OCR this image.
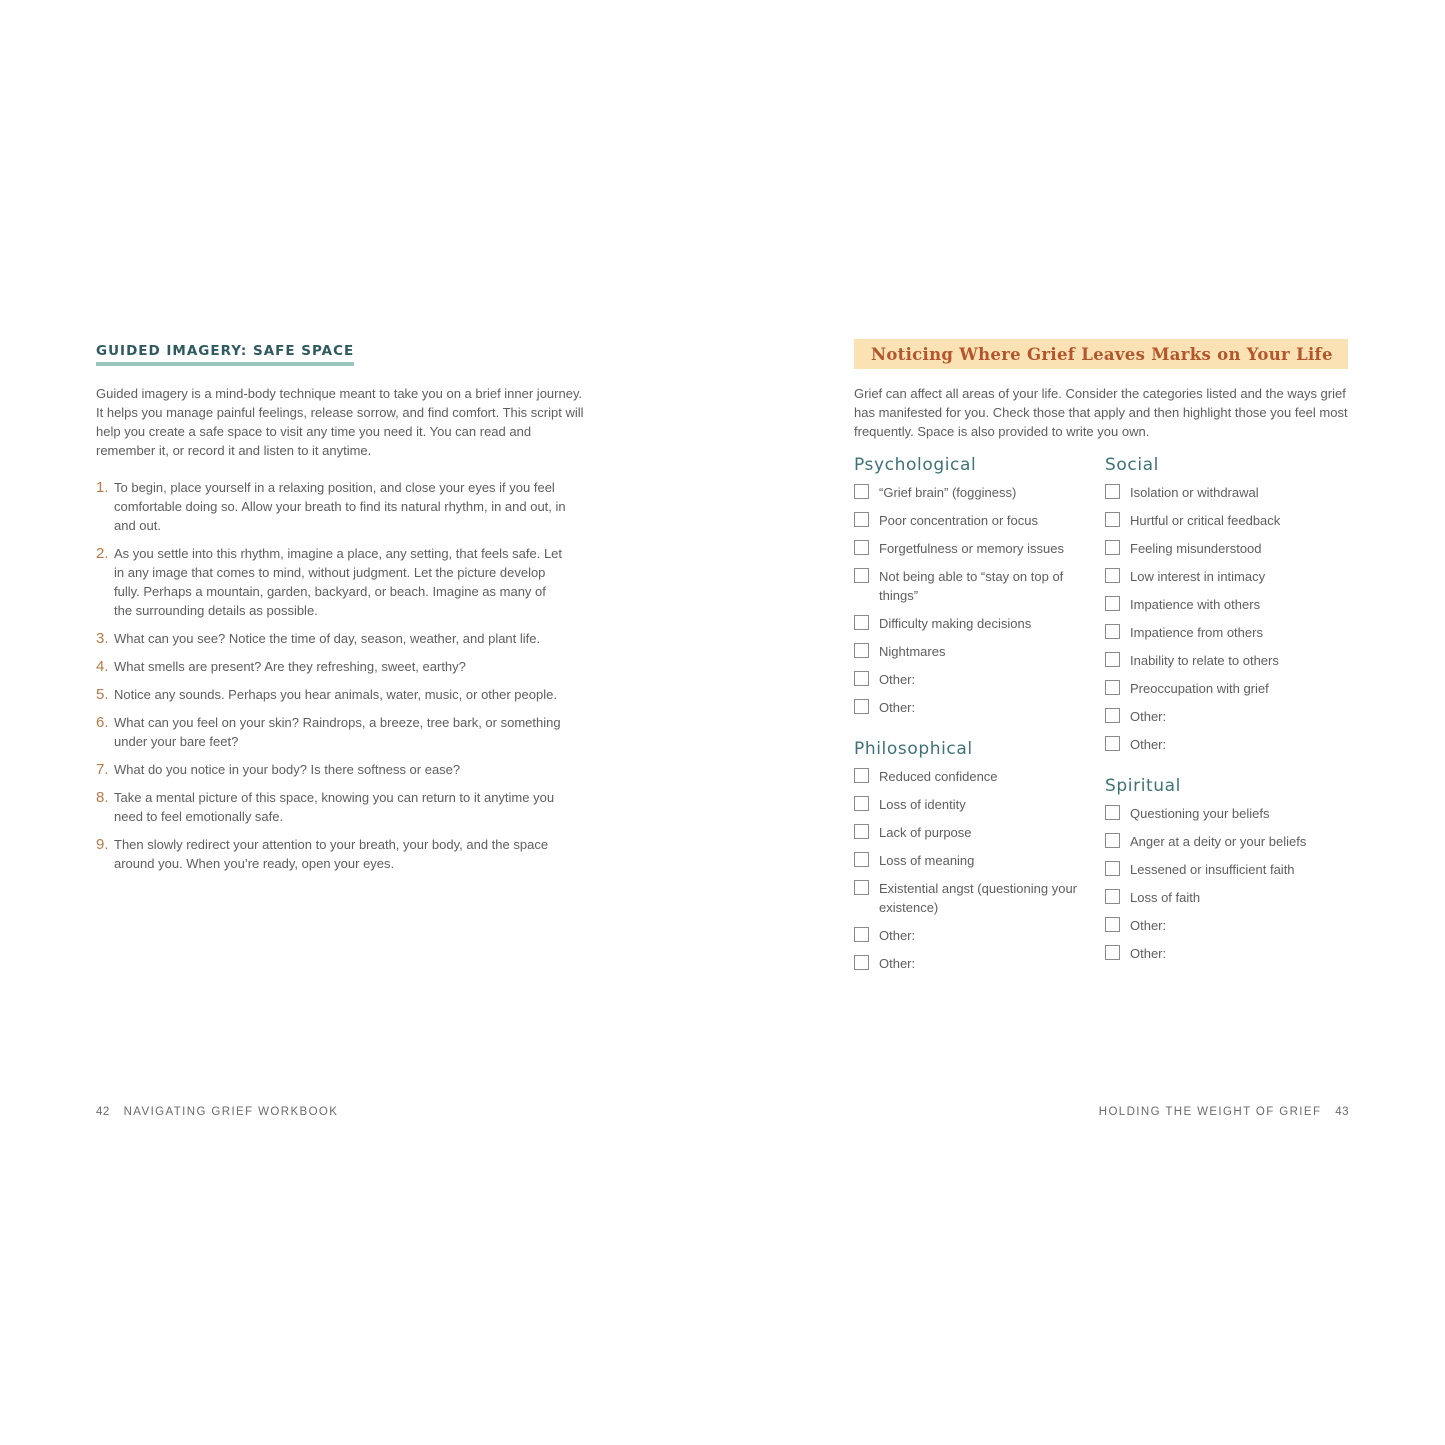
GUIDED IMAGERY: SAFE SPACE

Guided imagery is a mind-body technique meant to take you on a brief inner journey. It helps you manage painful feelings, release sorrow, and find comfort. This script will help you create a safe space to visit any time you need it. You can read and remember it, or record it and listen to it anytime.

1. To begin, place yourself in a relaxing position, and close your eyes if you feel comfortable doing so. Allow your breath to find its natural rhythm, in and out, in and out.
2. As you settle into this rhythm, imagine a place, any setting, that feels safe. Let in any image that comes to mind, without judgment. Let the picture develop fully. Perhaps a mountain, garden, backyard, or beach. Imagine as many of the surrounding details as possible.
3. What can you see? Notice the time of day, season, weather, and plant life.
4. What smells are present? Are they refreshing, sweet, earthy?
5. Notice any sounds. Perhaps you hear animals, water, music, or other people.
6. What can you feel on your skin? Raindrops, a breeze, tree bark, or something under your bare feet?
7. What do you notice in your body? Is there softness or ease?
8. Take a mental picture of this space, knowing you can return to it anytime you need to feel emotionally safe.
9. Then slowly redirect your attention to your breath, your body, and the space around you. When you’re ready, open your eyes.
Noticing Where Grief Leaves Marks on Your Life

Grief can affect all areas of your life. Consider the categories listed and the ways grief has manifested for you. Check those that apply and then highlight those you feel most frequently. Space is also provided to write you own.

Psychological
“Grief brain” (fogginess)
Poor concentration or focus
Forgetfulness or memory issues
Not being able to “stay on top of things”
Difficulty making decisions
Nightmares
Other:
Other:
Philosophical
Reduced confidence
Loss of identity
Lack of purpose
Loss of meaning
Existential angst (questioning your existence)
Other:
Other:
Social
Isolation or withdrawal
Hurtful or critical feedback
Feeling misunderstood
Low interest in intimacy
Impatience with others
Impatience from others
Inability to relate to others
Preoccupation with grief
Other:
Other:
Spiritual
Questioning your beliefs
Anger at a deity or your beliefs
Lessened or insufficient faith
Loss of faith
Other:
Other:
42 NAVIGATING GRIEF WORKBOOK	HOLDING THE WEIGHT OF GRIEF 43
